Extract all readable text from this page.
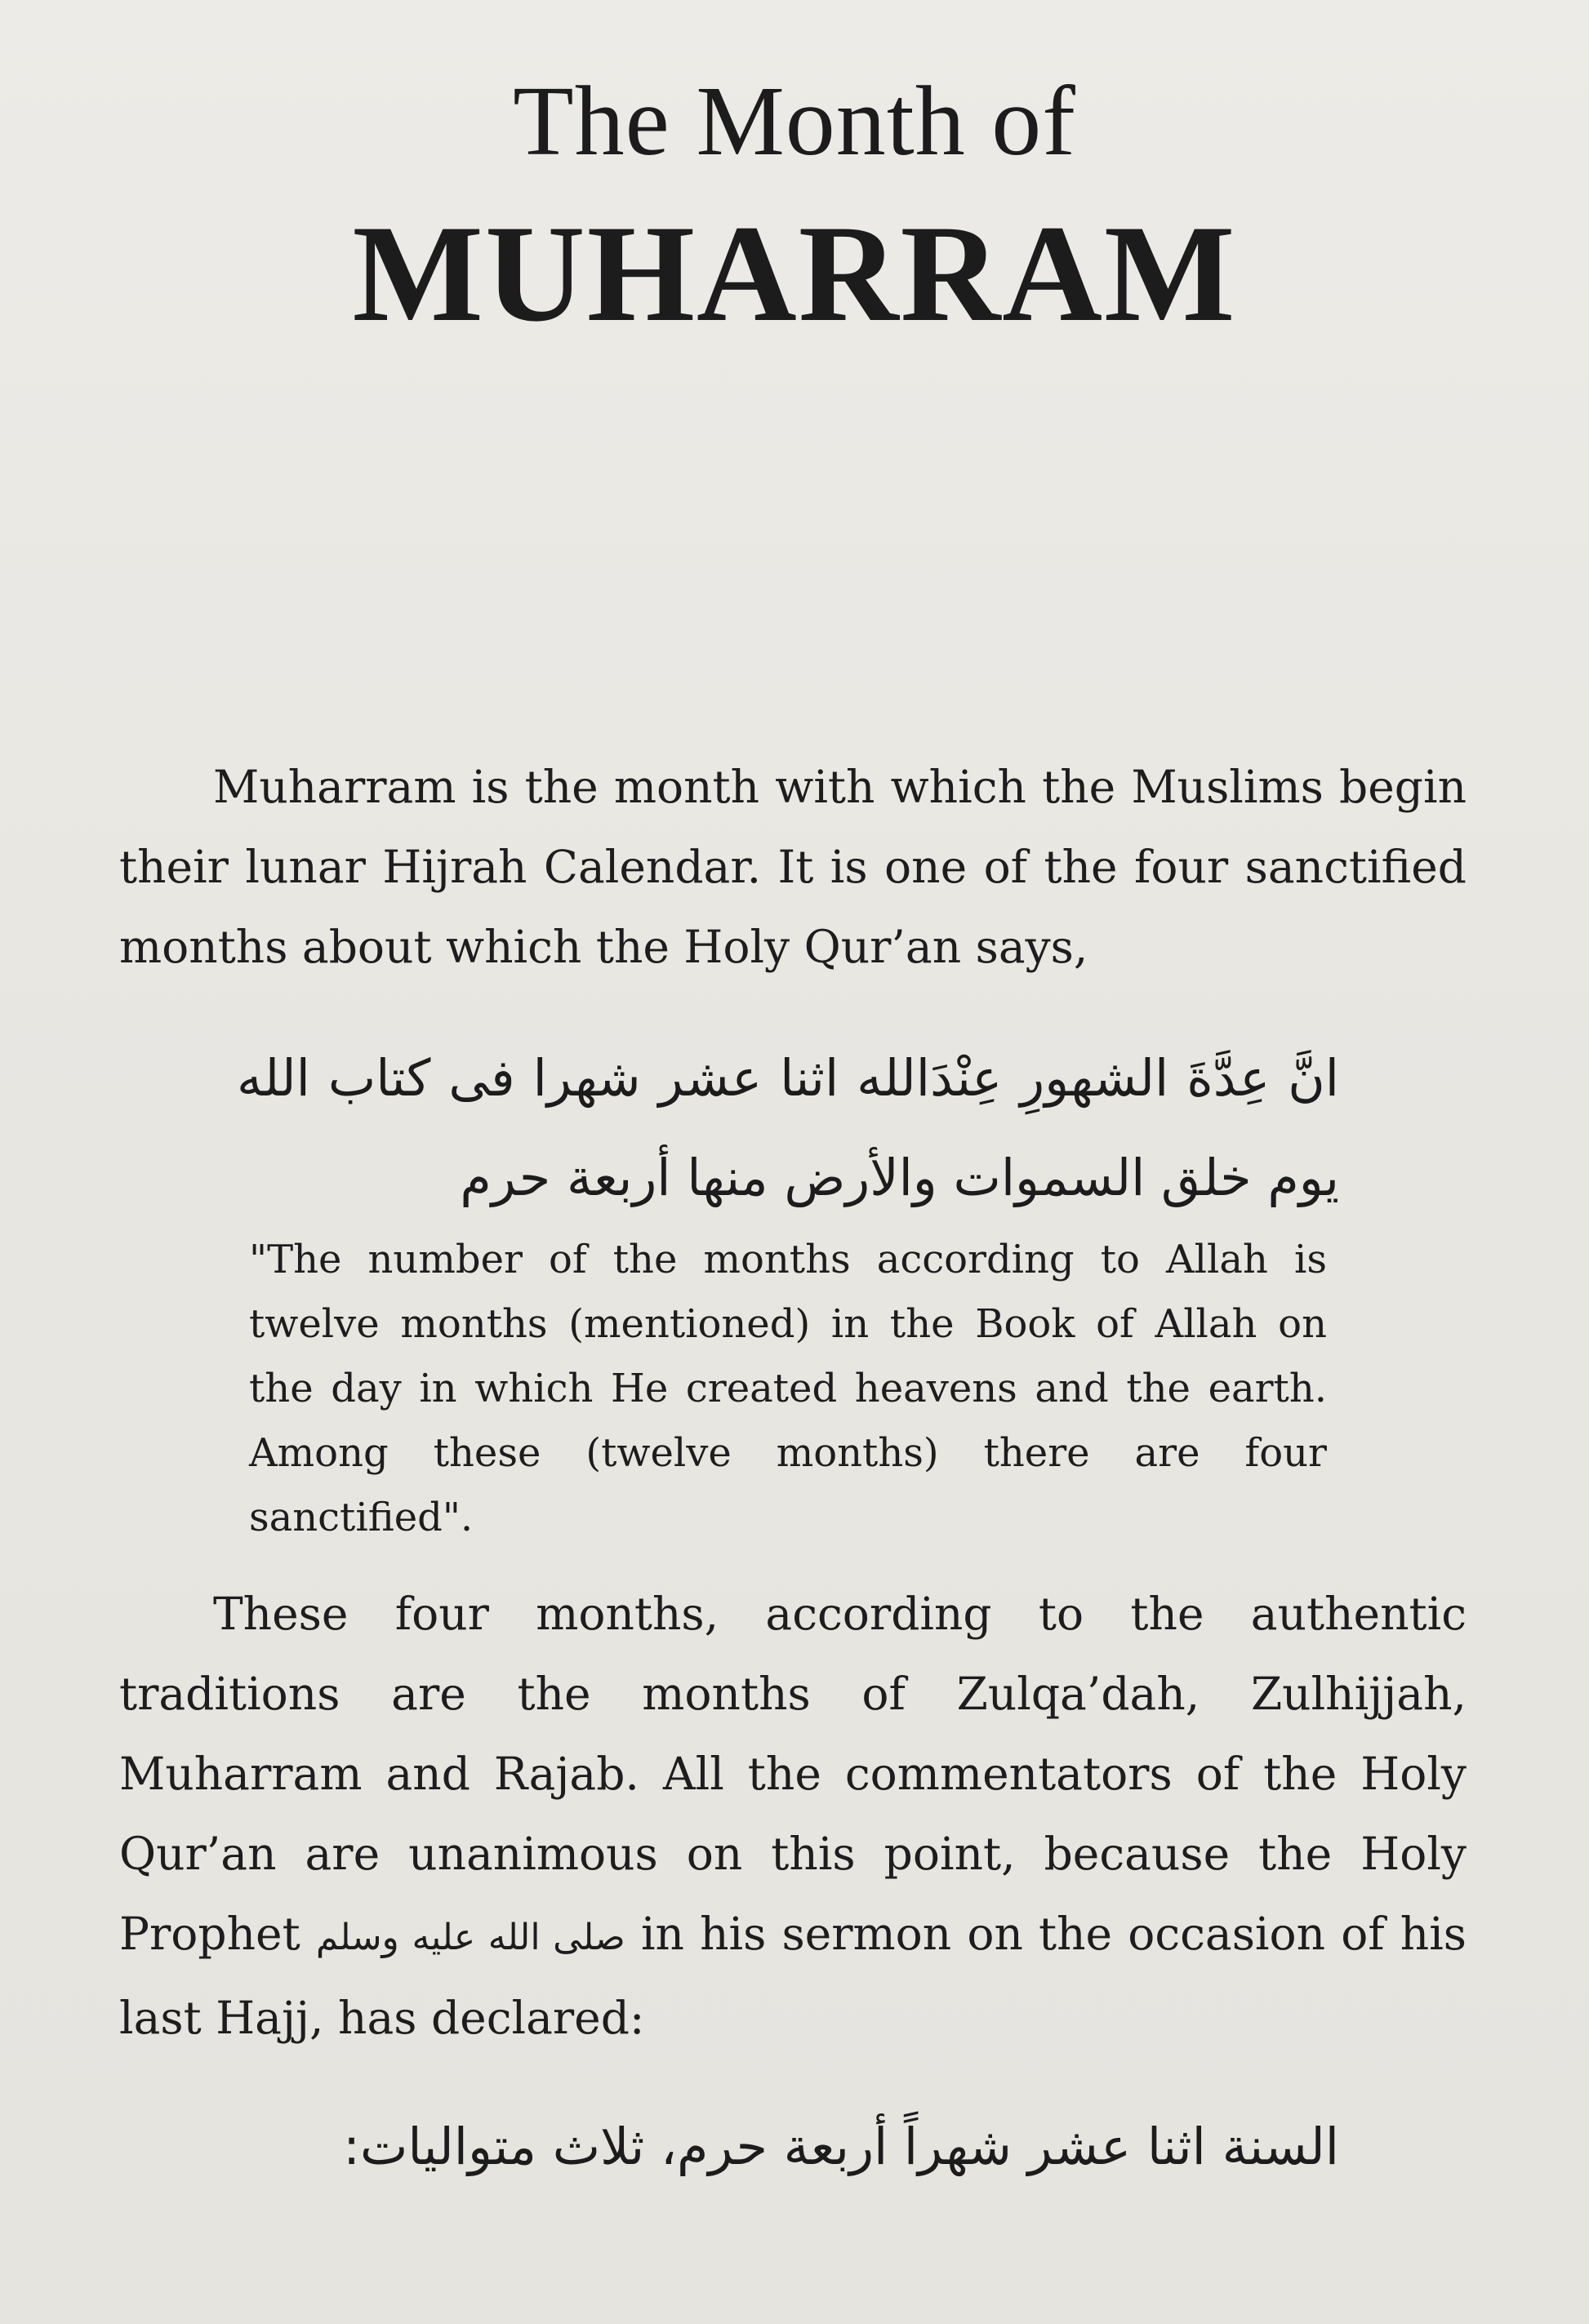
The Month of
MUHARRAM
Muharram is the month with which the Muslims begin their lunar Hijrah Calendar. It is one of the four sanctified months about which the Holy Qur’an says,
انَّ عِدَّةَ الشهورِ عِنْدَالله اثنا عشر شهرا فى كتاب الله يوم خلق السموات والأرض منها أربعة حرم
"The number of the months according to Allah is twelve months (mentioned) in the Book of Allah on the day in which He created heavens and the earth. Among these (twelve months) there are four sanctified".
These four months, according to the authentic traditions are the months of Zulqa’dah, Zulhijjah, Muharram and Rajab. All the commentators of the Holy Qur’an are unanimous on this point, because the Holy Prophet صلى الله عليه وسلم in his sermon on the occasion of his last Hajj, has declared:
السنة اثنا عشر شهراً أربعة حرم، ثلاث متواليات:
